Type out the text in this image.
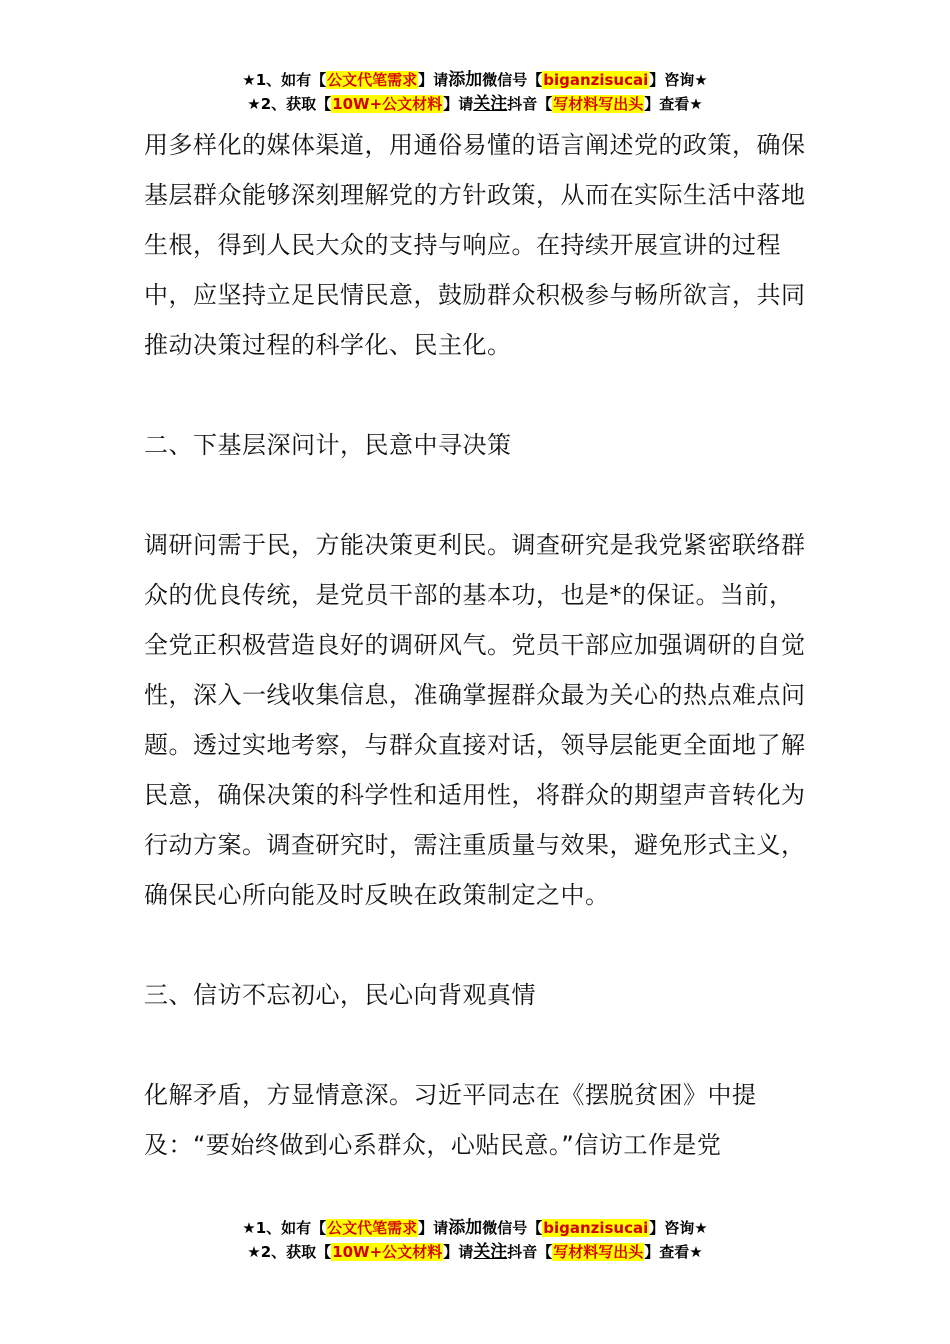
★1、如有【公文代笔需求】请添加微信号【biganzisucai】咨询★
★2、获取【10W+公文材料】请关注抖音【写材料写出头】查看★

用多样化的媒体渠道，用通俗易懂的语言阐述党的政策，确保基层群众能够深刻理解党的方针政策，从而在实际生活中落地生根，得到人民大众的支持与响应。在持续开展宣讲的过程中，应坚持立足民情民意，鼓励群众积极参与畅所欲言，共同推动决策过程的科学化、民主化。

二、下基层深问计，民意中寻决策

调研问需于民，方能决策更利民。调查研究是我党紧密联络群众的优良传统，是党员干部的基本功，也是*的保证。当前，全党正积极营造良好的调研风气。党员干部应加强调研的自觉性，深入一线收集信息，准确掌握群众最为关心的热点难点问题。透过实地考察，与群众直接对话，领导层能更全面地了解民意，确保决策的科学性和适用性，将群众的期望声音转化为行动方案。调查研究时，需注重质量与效果，避免形式主义，确保民心所向能及时反映在政策制定之中。

三、信访不忘初心，民心向背观真情

化解矛盾，方显情意深。习近平同志在《摆脱贫困》中提及：“要始终做到心系群众，心贴民意。”信访工作是党

★1、如有【公文代笔需求】请添加微信号【biganzisucai】咨询★
★2、获取【10W+公文材料】请关注抖音【写材料写出头】查看★
